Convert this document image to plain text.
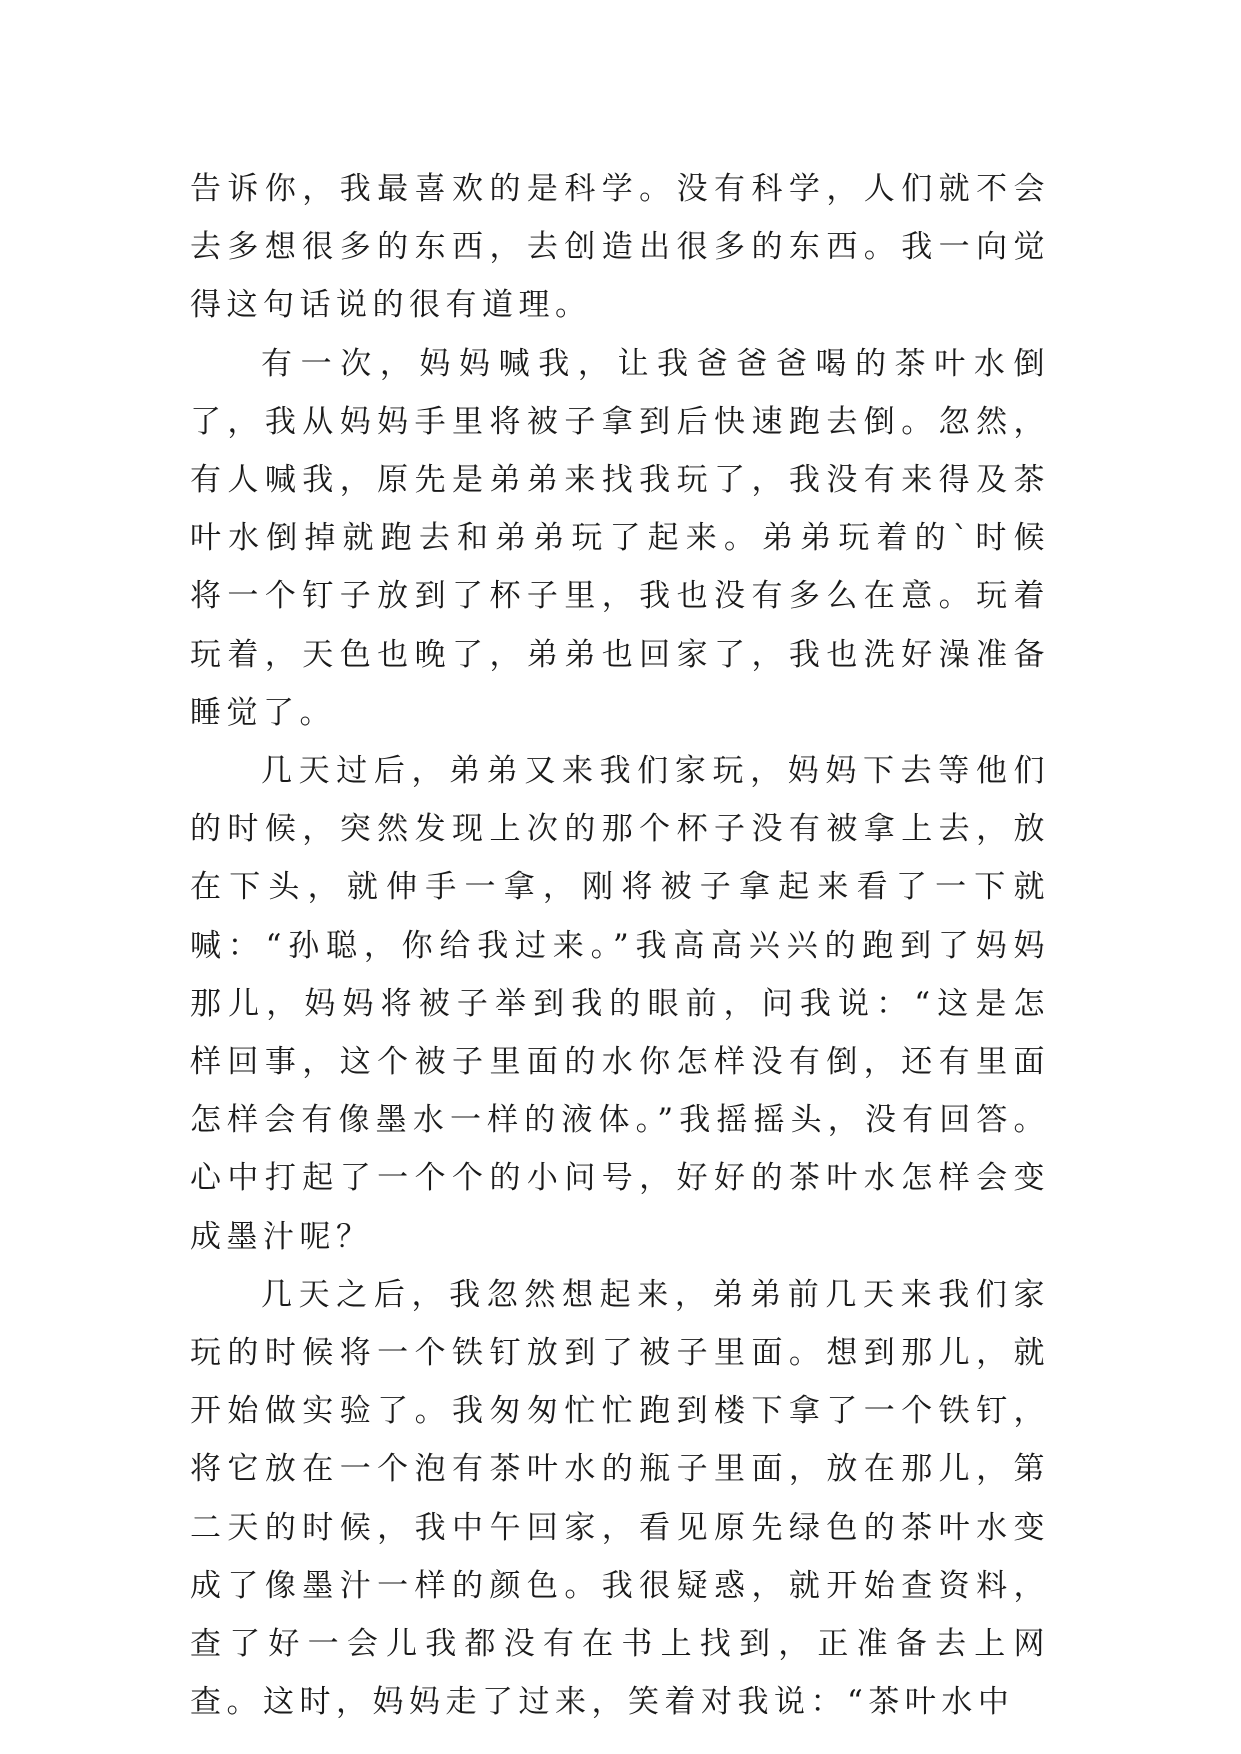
告诉你，我最喜欢的是科学。没有科学，人们就不会去多想很多的东西，去创造出很多的东西。我一向觉得这句话说的很有道理。

有一次，妈妈喊我，让我爸爸爸喝的茶叶水倒了，我从妈妈手里将被子拿到后快速跑去倒。忽然，有人喊我，原先是弟弟来找我玩了，我没有来得及茶叶水倒掉就跑去和弟弟玩了起来。弟弟玩着的`时候将一个钉子放到了杯子里，我也没有多么在意。玩着玩着，天色也晚了，弟弟也回家了，我也洗好澡准备睡觉了。

几天过后，弟弟又来我们家玩，妈妈下去等他们的时候，突然发现上次的那个杯子没有被拿上去，放在下头，就伸手一拿，刚将被子拿起来看了一下就喊：“孙聪，你给我过来。”我高高兴兴的跑到了妈妈那儿，妈妈将被子举到我的眼前，问我说：“这是怎样回事，这个被子里面的水你怎样没有倒，还有里面怎样会有像墨水一样的液体。”我摇摇头，没有回答。心中打起了一个个的小问号，好好的茶叶水怎样会变成墨汁呢？

几天之后，我忽然想起来，弟弟前几天来我们家玩的时候将一个铁钉放到了被子里面。想到那儿，就开始做实验了。我匆匆忙忙跑到楼下拿了一个铁钉，将它放在一个泡有茶叶水的瓶子里面，放在那儿，第二天的时候，我中午回家，看见原先绿色的茶叶水变成了像墨汁一样的颜色。我很疑惑，就开始查资料，查了好一会儿我都没有在书上找到，正准备去上网查。这时，妈妈走了过来，笑着对我说：“茶叶水中
